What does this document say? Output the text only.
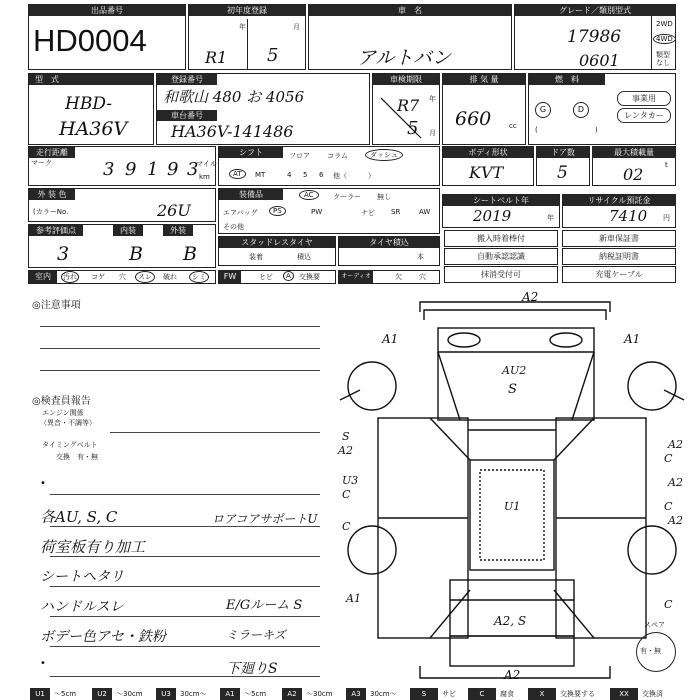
出品番号
HD0004
初年度登録
年	月
R1 5
車　名
アルトバン
グレード／類別型式
17986
0601
2WD
4WD
類型なし
型　式
HBD-
HA36V
登録番号
和歌山 480 お 4056
車台番号
HA36V-141486
車検期限
年
月
R7
5
排 気 量
660	cc
燃　料
G	D
(	)
事業用
レンタカー
走行距離
マーク	3 9 1 9 3
マイル
km
シフト	フロア コラム	ダッシュ
AT	MT	4 5 6 他（　　　）
ボディ形状
KVT
ドア数
5
最大積載量
02	t
外 装 色
(カラーNo.	26U
装備品	AC	クーラー 無し
エアバッグ	PS	PW	ナビ SR	AW
その他
シートベルト年
2019	年
リサイクル預託金
7410 円
参考評価点	内装	外装
3	B B
スタッドレスタイヤ
装着	積込
タイヤ積込
本
搬入時着棒付	新車保証書
自動承認認識	納税証明書
抹消受付可	充電ケーブル
室内	汚れ コゲ 穴	スレ	破れ	シミ	FW	ヒビ	A	交換要	オーディオ	欠 穴
◎注意事項
◎検査員報告
エンジン関係
（異音・不調等）
タイミングベルト
交換　有・無
•
各AU, S, C	ロアコアサポートU
荷室板有り加工
シートヘタリ
ハンドルスレ	E/Gルーム S
ボデー色アセ・鉄粉	ミラーキズ
•	下廻りS
A2
A1	A1
AU2
S
U1
S
A2
U3
C
C
A1
A2
C
A2
C
A2
C
A2, S
A2
スペア
有・無
U1	〜5cm	U2	〜30cm	U3	30cm〜	A1	〜5cm	A2	〜30cm	A3	30cm〜	S	サビ	C	腐食	X	交換要する	XX	交換済
